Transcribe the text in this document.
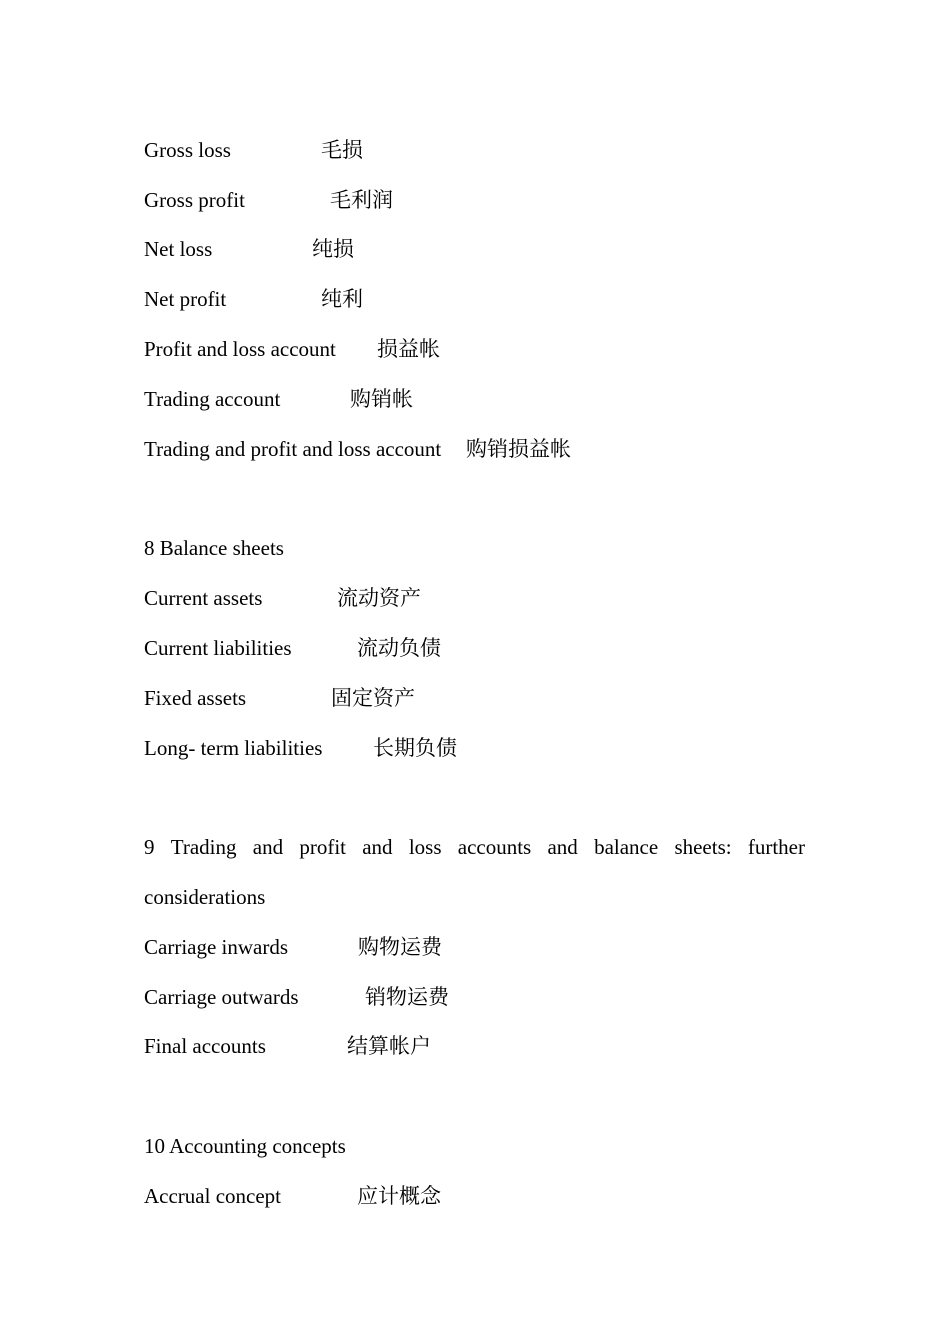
Gross loss	毛损
Gross profit	毛利润
Net loss	纯损
Net profit	纯利
Profit and loss account 损益帐
Trading account	购销帐
Trading and profit and loss account 购销损益帐
8 Balance sheets
Current assets	流动资产
Current liabilities	流动负债
Fixed assets	固定资产
Long- term liabilities 长期负债
9 Trading and profit and loss accounts and balance sheets: further
considerations
Carriage inwards	购物运费
Carriage outwards	销物运费
Final accounts	结算帐户
10 Accounting concepts
Accrual concept	应计概念
